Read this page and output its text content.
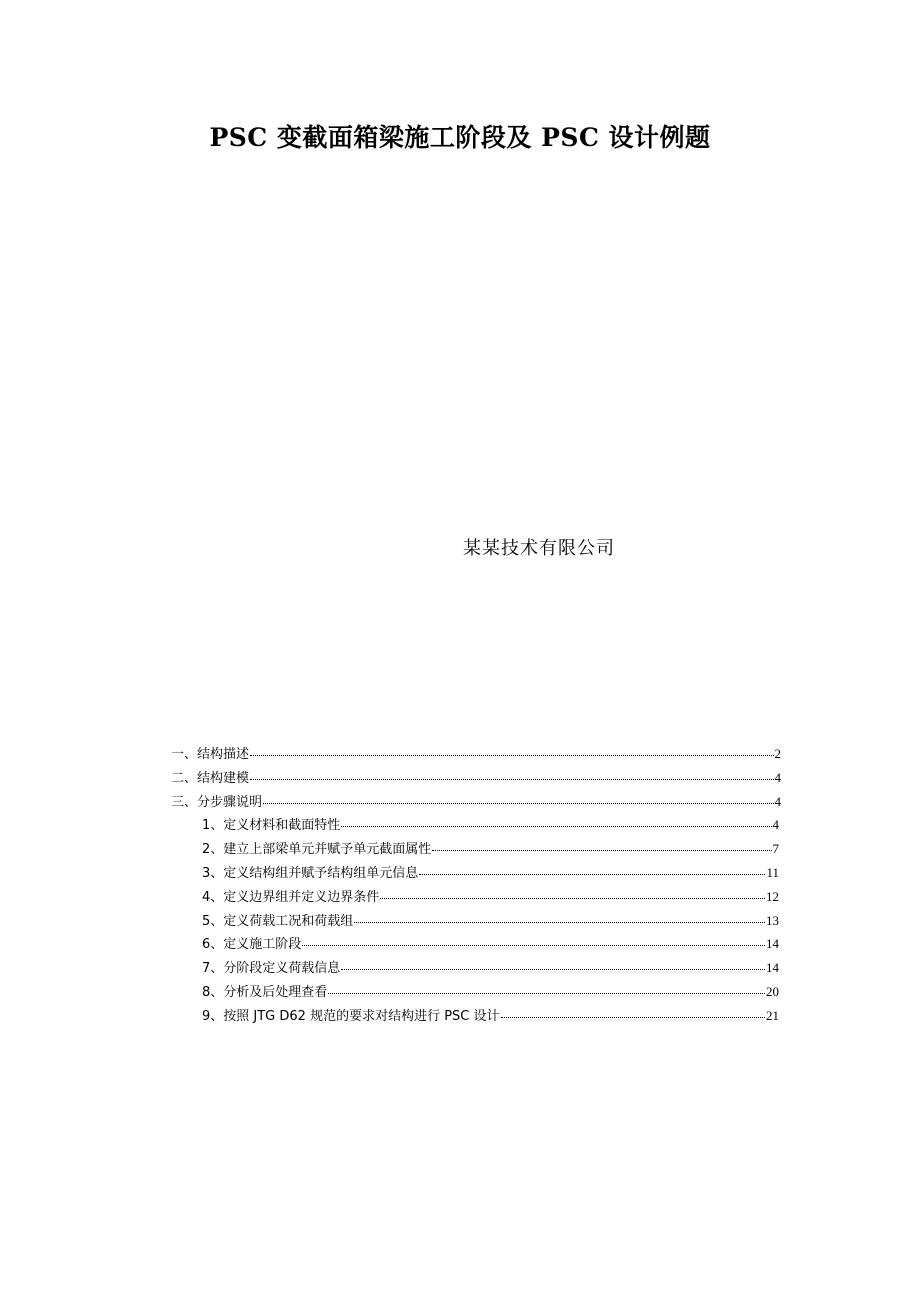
PSC 变截面箱梁施工阶段及 PSC 设计例题
某某技术有限公司
一、结构描述	2
二、结构建模	4
三、分步骤说明	4
1、定义材料和截面特性	4
2、建立上部梁单元并赋予单元截面属性	7
3、定义结构组并赋予结构组单元信息	11
4、定义边界组并定义边界条件	12
5、定义荷载工况和荷载组	13
6、定义施工阶段	14
7、分阶段定义荷载信息	14
8、分析及后处理查看	20
9、按照 JTG D62 规范的要求对结构进行 PSC 设计	21
